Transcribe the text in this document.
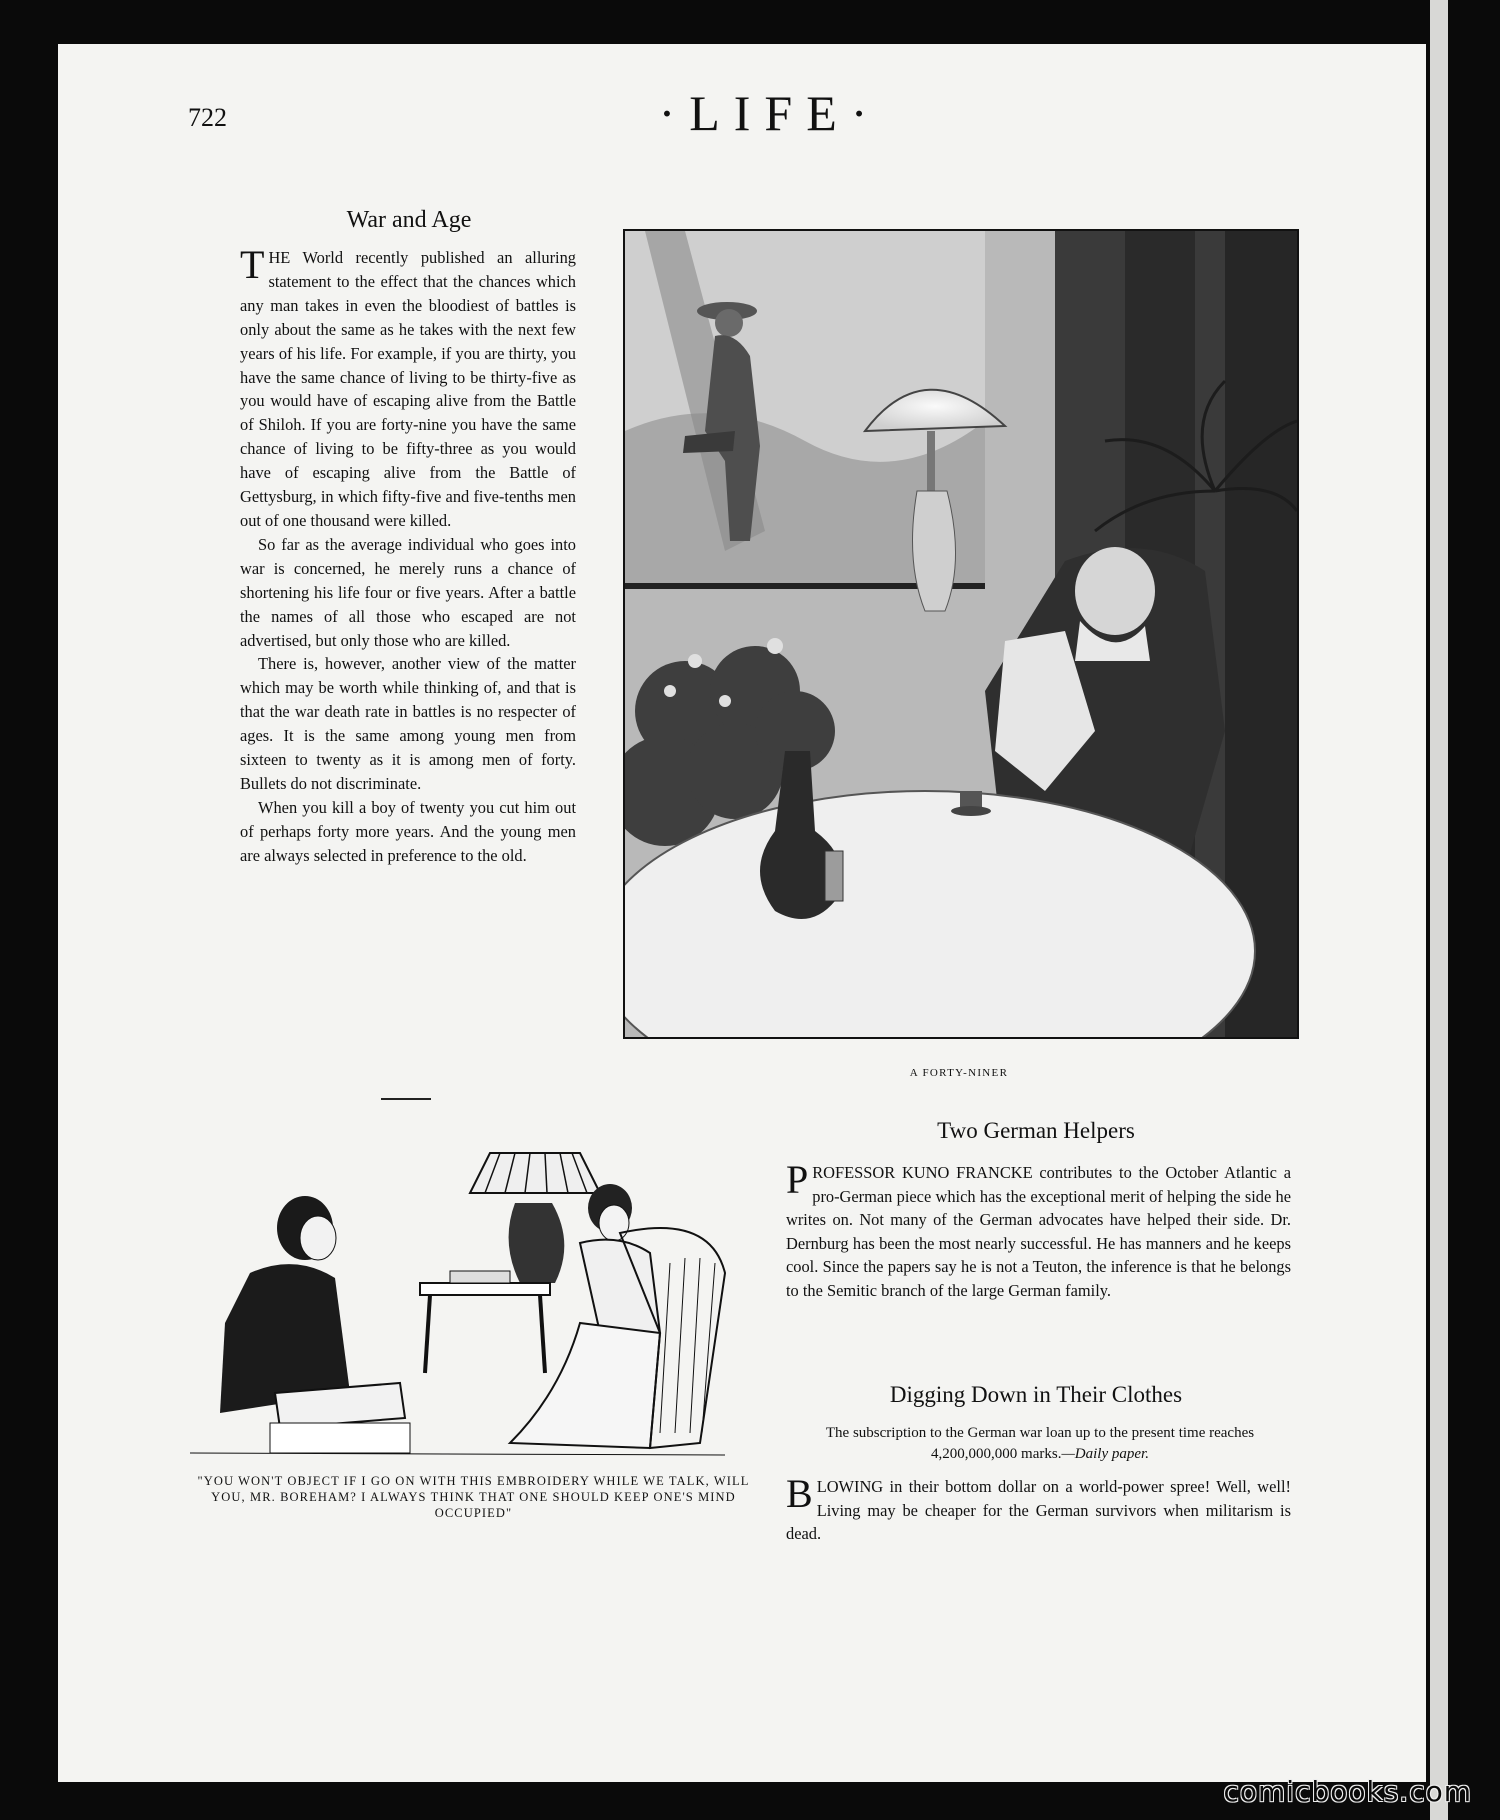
722	·LIFE·
War and Age

THE World recently published an alluring statement to the effect that the chances which any man takes in even the bloodiest of battles is only about the same as he takes with the next few years of his life. For example, if you are thirty, you have the same chance of living to be thirty-five as you would have of escaping alive from the Battle of Shiloh. If you are forty-nine you have the same chance of living to be fifty-three as you would have of escaping alive from the Battle of Gettysburg, in which fifty-five and five-tenths men out of one thousand were killed.

So far as the average individual who goes into war is concerned, he merely runs a chance of shortening his life four or five years. After a battle the names of all those who escaped are not advertised, but only those who are killed.

There is, however, another view of the matter which may be worth while thinking of, and that is that the war death rate in battles is no respecter of ages. It is the same among young men from sixteen to twenty as it is among men of forty. Bullets do not discriminate.

When you kill a boy of twenty you cut him out of perhaps forty more years. And the young men are always selected in preference to the old.

A FORTY-NINER
"YOU WON'T OBJECT IF I GO ON WITH THIS EMBROIDERY WHILE WE TALK, WILL YOU, MR. BOREHAM? I ALWAYS THINK THAT ONE SHOULD KEEP ONE'S MIND OCCUPIED"
Two German Helpers

PROFESSOR KUNO FRANCKE contributes to the October Atlantic a pro-German piece which has the exceptional merit of helping the side he writes on. Not many of the German advocates have helped their side. Dr. Dernburg has been the most nearly successful. He has manners and he keeps cool. Since the papers say he is not a Teuton, the inference is that he belongs to the Semitic branch of the large German family.

Digging Down in Their Clothes
The subscription to the German war loan up to the present time reaches 4,200,000,000 marks.—Daily paper.

BLOWING in their bottom dollar on a world-power spree! Well, well! Living may be cheaper for the German survivors when militarism is dead.

comicbooks.com
